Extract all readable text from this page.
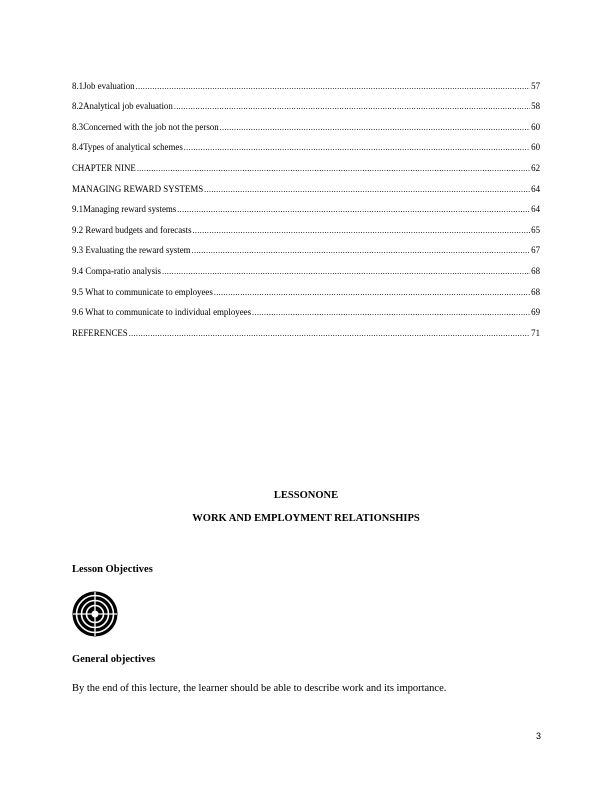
8.1Job evaluation .....	57
8.2Analytical job evaluation .....	58
8.3Concerned with the job not the person .....	60
8.4Types of analytical schemes .....	60
CHAPTER NINE .....	62
MANAGING REWARD SYSTEMS .....	64
9.1Managing reward systems .....	64
9.2 Reward budgets and forecasts .....	65
9.3 Evaluating the reward system .....	67
9.4 Compa-ratio analysis .....	68
9.5 What to communicate to employees .....	68
9.6 What to communicate to individual employees .....	69
REFERENCES .....	71
LESSONONE
WORK AND EMPLOYMENT RELATIONSHIPS
Lesson Objectives
General objectives
By the end of this lecture, the learner should be able to describe work and its importance.
3
